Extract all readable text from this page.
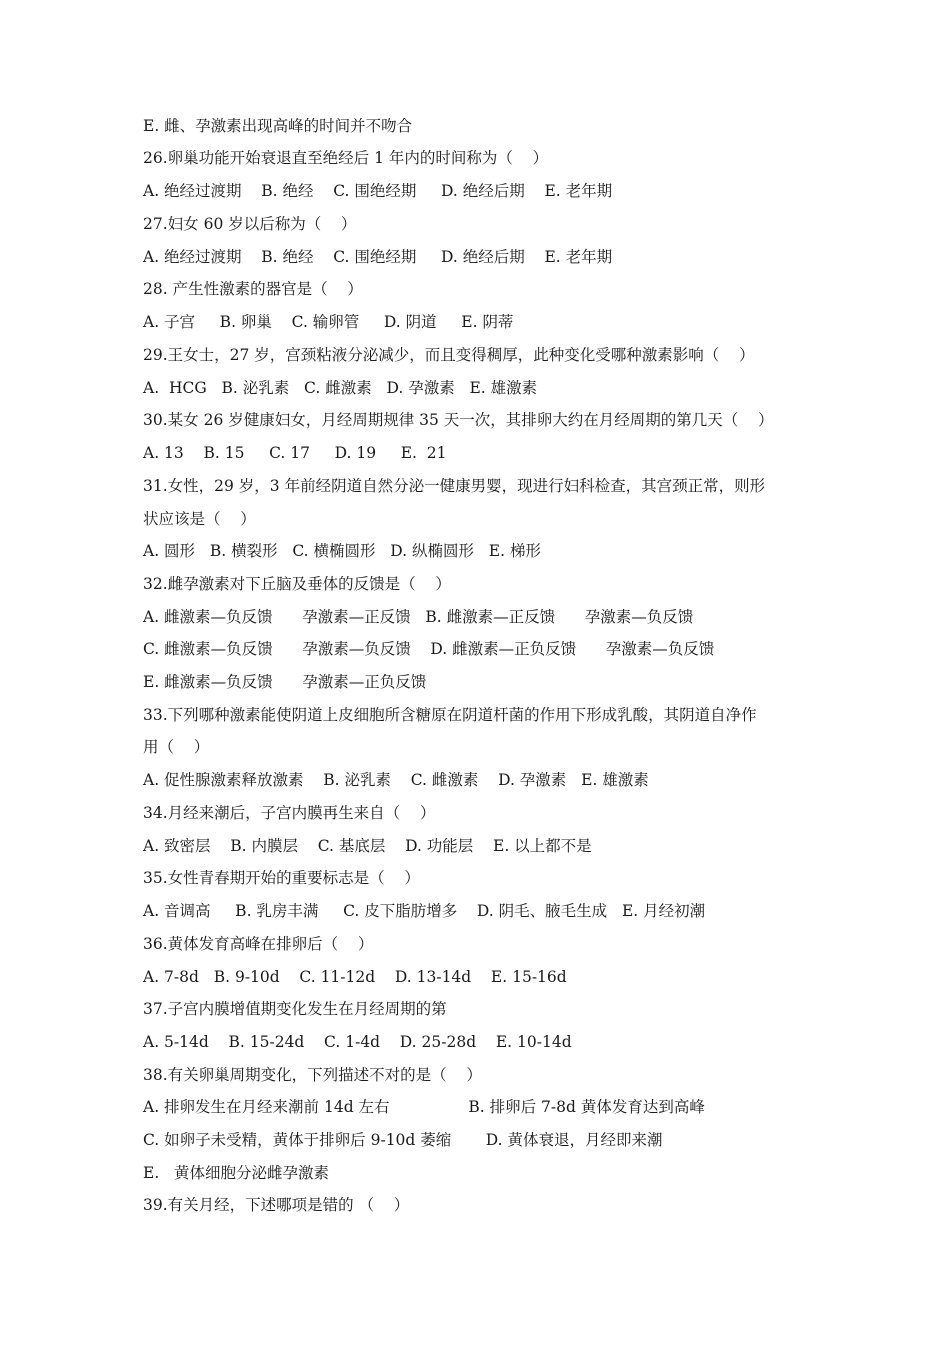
E. 雌、孕激素出现高峰的时间并不吻合
26.卵巢功能开始衰退直至绝经后 1 年内的时间称为（    ）
A. 绝经过渡期    B. 绝经    C. 围绝经期     D. 绝经后期    E. 老年期
27.妇女 60 岁以后称为（    ）
A. 绝经过渡期    B. 绝经    C. 围绝经期     D. 绝经后期    E. 老年期
28. 产生性激素的器官是（    ）
A. 子宫     B. 卵巢    C. 输卵管     D. 阴道     E. 阴蒂
29.王女士，27 岁，宫颈粘液分泌减少，而且变得稠厚，此种变化受哪种激素影响（    ）
A.  HCG   B. 泌乳素   C. 雌激素   D. 孕激素   E. 雄激素
30.某女 26 岁健康妇女，月经周期规律 35 天一次，其排卵大约在月经周期的第几天（    ）
A. 13    B. 15     C. 17     D. 19     E.  21
31.女性，29 岁，3 年前经阴道自然分泌一健康男婴，现进行妇科检查，其宫颈正常，则形
状应该是（    ）
A. 圆形   B. 横裂形   C. 横椭圆形   D. 纵椭圆形   E. 梯形
32.雌孕激素对下丘脑及垂体的反馈是（    ）
A. 雌激素—负反馈      孕激素—正反馈   B. 雌激素—正反馈      孕激素—负反馈
C. 雌激素—负反馈      孕激素—负反馈    D. 雌激素—正负反馈      孕激素—负反馈
E. 雌激素—负反馈      孕激素—正负反馈
33.下列哪种激素能使阴道上皮细胞所含糖原在阴道杆菌的作用下形成乳酸，其阴道自净作
用（    ）
A. 促性腺激素释放激素    B. 泌乳素    C. 雌激素    D. 孕激素   E. 雄激素
34.月经来潮后，子宫内膜再生来自（    ）
A. 致密层    B. 内膜层    C. 基底层    D. 功能层    E. 以上都不是
35.女性青春期开始的重要标志是（    ）
A. 音调高     B. 乳房丰满     C. 皮下脂肪增多    D. 阴毛、腋毛生成   E. 月经初潮
36.黄体发育高峰在排卵后（    ）
A. 7-8d   B. 9-10d    C. 11-12d    D. 13-14d    E. 15-16d
37.子宫内膜增值期变化发生在月经周期的第
A. 5-14d    B. 15-24d    C. 1-4d    D. 25-28d    E. 10-14d
38.有关卵巢周期变化，下列描述不对的是（    ）
A. 排卵发生在月经来潮前 14d 左右                B. 排卵后 7-8d 黄体发育达到高峰
C. 如卵子未受精，黄体于排卵后 9-10d 萎缩       D. 黄体衰退，月经即来潮
E.   黄体细胞分泌雌孕激素
39.有关月经，下述哪项是错的 （    ）
